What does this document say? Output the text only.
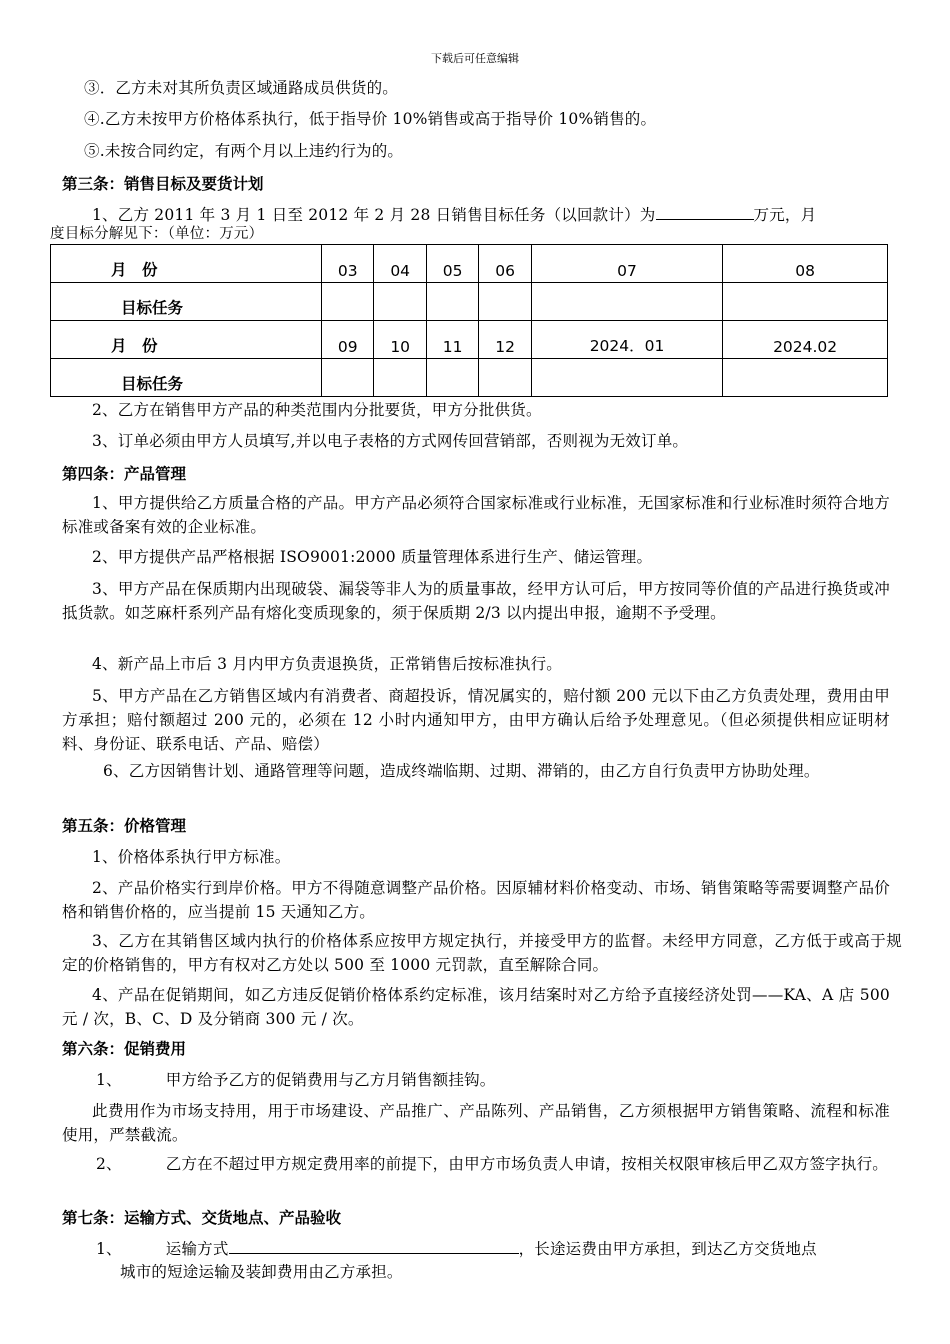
下载后可任意编辑
③．乙方未对其所负责区域通路成员供货的。
④.乙方未按甲方价格体系执行，低于指导价 10%销售或高于指导价 10%销售的。
⑤.未按合同约定，有两个月以上违约行为的。
第三条：销售目标及要货计划
1、乙方 2011 年 3 月 1 日至 2012 年 2 月 28 日销售目标任务（以回款计）为	万元，月
度目标分解见下：（单位：万元）
月　份	03	04	05	06	07	08
目标任务						
月　份	09	10	11	12	2024．01	2024.02
目标任务						
2、乙方在销售甲方产品的种类范围内分批要货，甲方分批供货。
3、订单必须由甲方人员填写,并以电子表格的方式网传回营销部，否则视为无效订单。
第四条：产品管理
1、甲方提供给乙方质量合格的产品。甲方产品必须符合国家标准或行业标准，无国家标准和行业标准时须符合地方标准或备案有效的企业标准。
2、甲方提供产品严格根据 ISO9001:2000 质量管理体系进行生产、储运管理。
3、甲方产品在保质期内出现破袋、漏袋等非人为的质量事故，经甲方认可后，甲方按同等价值的产品进行换货或冲抵货款。如芝麻杆系列产品有熔化变质现象的，须于保质期 2/3 以内提出申报，逾期不予受理。
4、新产品上市后 3 月内甲方负责退换货，正常销售后按标准执行。
5、甲方产品在乙方销售区域内有消费者、商超投诉，情况属实的，赔付额 200 元以下由乙方负责处理，费用由甲方承担；赔付额超过 200 元的，必须在 12 小时内通知甲方，由甲方确认后给予处理意见。（但必须提供相应证明材料、身份证、联系电话、产品、赔偿）
6、乙方因销售计划、通路管理等问题，造成终端临期、过期、滞销的，由乙方自行负责甲方协助处理。
第五条：价格管理
1、价格体系执行甲方标准。
2、产品价格实行到岸价格。甲方不得随意调整产品价格。因原辅材料价格变动、市场、销售策略等需要调整产品价格和销售价格的，应当提前 15 天通知乙方。
3、乙方在其销售区域内执行的价格体系应按甲方规定执行，并接受甲方的监督。未经甲方同意，乙方低于或高于规定的价格销售的，甲方有权对乙方处以 500 至 1000 元罚款，直至解除合同。
4、产品在促销期间，如乙方违反促销价格体系约定标准，该月结案时对乙方给予直接经济处罚——KA、A 店 500 元 / 次，B、C、D 及分销商 300 元 / 次。
第六条：促销费用
1、	甲方给予乙方的促销费用与乙方月销售额挂钩。
此费用作为市场支持用，用于市场建设、产品推广、产品陈列、产品销售，乙方须根据甲方销售策略、流程和标准使用，严禁截流。
2、	乙方在不超过甲方规定费用率的前提下，由甲方市场负责人申请，按相关权限审核后甲乙双方签字执行。
第七条：运输方式、交货地点、产品验收
1、	运输方式	，长途运费由甲方承担，到达乙方交货地点
城市的短途运输及装卸费用由乙方承担。
